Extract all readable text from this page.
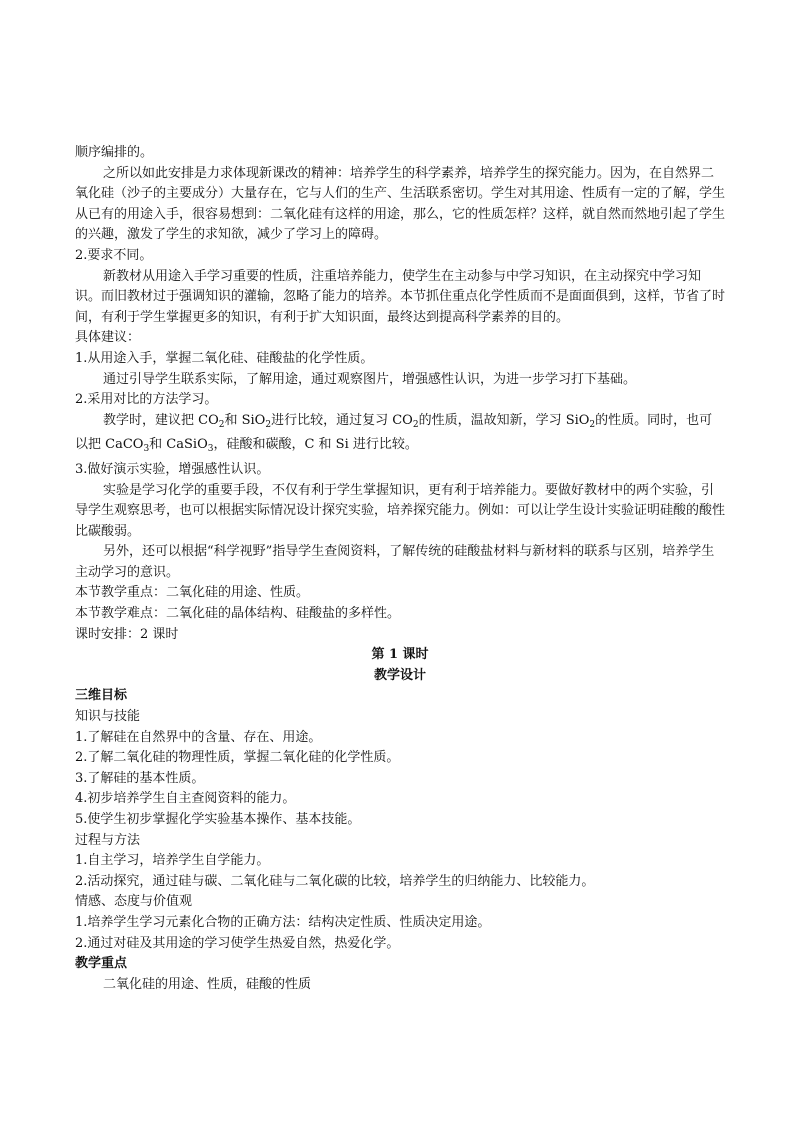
顺序编排的。

之所以如此安排是力求体现新课改的精神：培养学生的科学素养，培养学生的探究能力。因为，在自然界二氧化硅（沙子的主要成分）大量存在，它与人们的生产、生活联系密切。学生对其用途、性质有一定的了解，学生从已有的用途入手，很容易想到：二氧化硅有这样的用途，那么，它的性质怎样？这样，就自然而然地引起了学生的兴趣，激发了学生的求知欲，减少了学习上的障碍。

2.要求不同。

新教材从用途入手学习重要的性质，注重培养能力，使学生在主动参与中学习知识，在主动探究中学习知识。而旧教材过于强调知识的灌输，忽略了能力的培养。本节抓住重点化学性质而不是面面俱到，这样，节省了时间，有利于学生掌握更多的知识，有利于扩大知识面，最终达到提高科学素养的目的。

具体建议：

1.从用途入手，掌握二氧化硅、硅酸盐的化学性质。

通过引导学生联系实际，了解用途，通过观察图片，增强感性认识，为进一步学习打下基础。

2.采用对比的方法学习。

教学时，建议把 $CO_2$和 SiO$_2$进行比较，通过复习 $CO_2$的性质，温故知新，学习 SiO$_2$的性质。同时，也可以把 CaCO$_3$和 CaSiO$_3$，硅酸和碳酸，C 和 Si 进行比较。

3.做好演示实验，增强感性认识。

实验是学习化学的重要手段，不仅有利于学生掌握知识，更有利于培养能力。要做好教材中的两个实验，引导学生观察思考，也可以根据实际情况设计探究实验，培养探究能力。例如：可以让学生设计实验证明硅酸的酸性比碳酸弱。

另外，还可以根据“科学视野”指导学生查阅资料，了解传统的硅酸盐材料与新材料的联系与区别，培养学生主动学习的意识。

本节教学重点：二氧化硅的用途、性质。

本节教学难点：二氧化硅的晶体结构、硅酸盐的多样性。

课时安排：2 课时

第 1 课时

教学设计

三维目标

知识与技能

1.了解硅在自然界中的含量、存在、用途。

2.了解二氧化硅的物理性质，掌握二氧化硅的化学性质。

3.了解硅的基本性质。

4.初步培养学生自主查阅资料的能力。

5.使学生初步掌握化学实验基本操作、基本技能。

过程与方法

1.自主学习，培养学生自学能力。

2.活动探究，通过硅与碳、二氧化硅与二氧化碳的比较，培养学生的归纳能力、比较能力。

情感、态度与价值观

1.培养学生学习元素化合物的正确方法：结构决定性质、性质决定用途。

2.通过对硅及其用途的学习使学生热爱自然，热爱化学。

教学重点

二氧化硅的用途、性质，硅酸的性质
